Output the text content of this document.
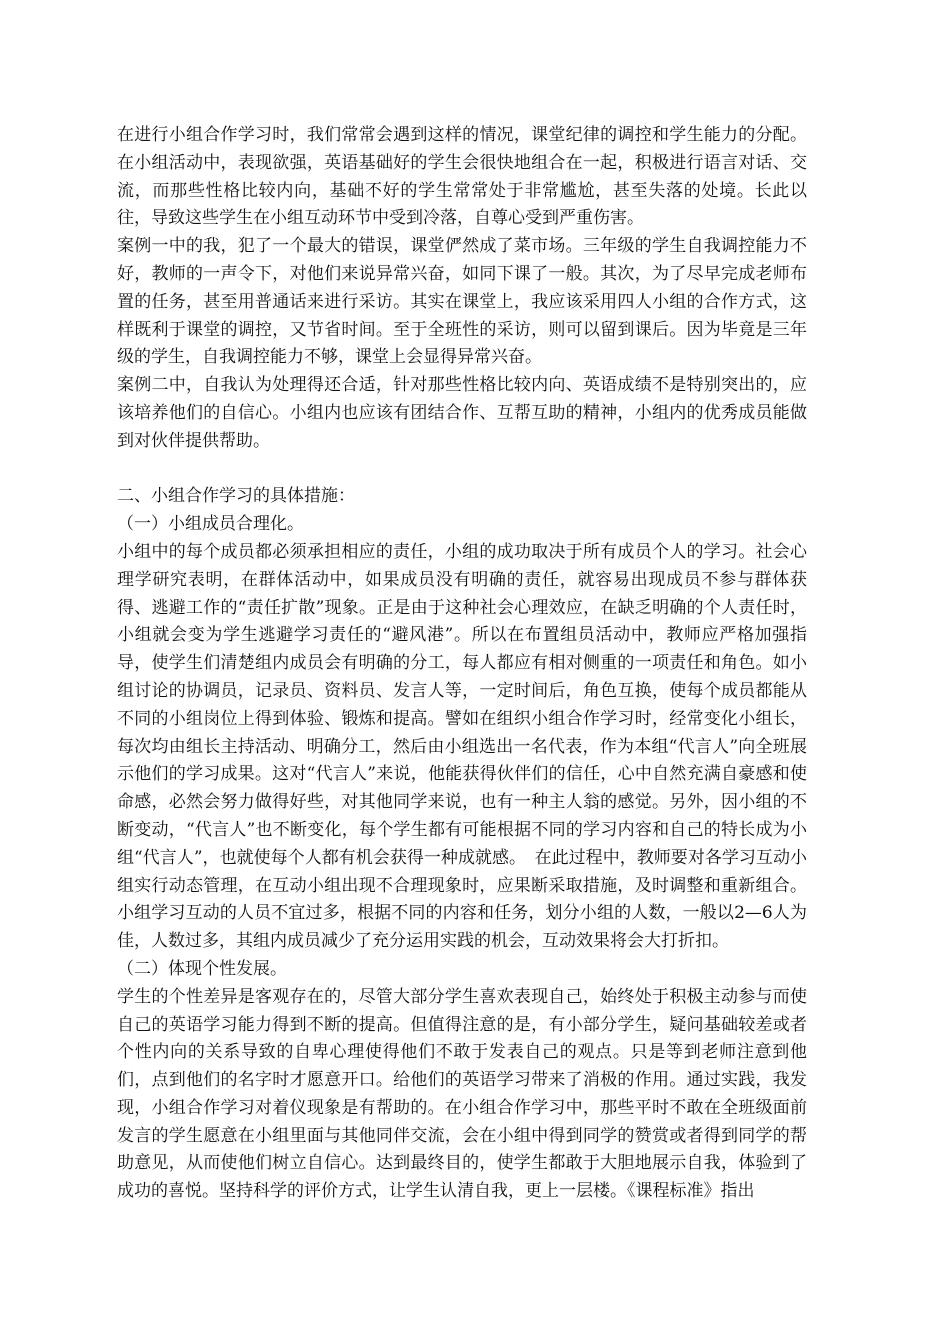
在进行小组合作学习时，我们常常会遇到这样的情况，课堂纪律的调控和学生能力的分配。在小组活动中，表现欲强，英语基础好的学生会很快地组合在一起，积极进行语言对话、交流，而那些性格比较内向，基础不好的学生常常处于非常尴尬，甚至失落的处境。长此以往，导致这些学生在小组互动环节中受到冷落，自尊心受到严重伤害。

案例一中的我，犯了一个最大的错误，课堂俨然成了菜市场。三年级的学生自我调控能力不好，教师的一声令下，对他们来说异常兴奋，如同下课了一般。其次，为了尽早完成老师布置的任务，甚至用普通话来进行采访。其实在课堂上，我应该采用四人小组的合作方式，这样既利于课堂的调控，又节省时间。至于全班性的采访，则可以留到课后。因为毕竟是三年级的学生，自我调控能力不够，课堂上会显得异常兴奋。

案例二中，自我认为处理得还合适，针对那些性格比较内向、英语成绩不是特别突出的，应该培养他们的自信心。小组内也应该有团结合作、互帮互助的精神，小组内的优秀成员能做到对伙伴提供帮助。

二、小组合作学习的具体措施：

（一）小组成员合理化。

小组中的每个成员都必须承担相应的责任，小组的成功取决于所有成员个人的学习。社会心理学研究表明，在群体活动中，如果成员没有明确的责任，就容易出现成员不参与群体获得、逃避工作的“责任扩散”现象。正是由于这种社会心理效应，在缺乏明确的个人责任时，小组就会变为学生逃避学习责任的“避风港”。所以在布置组员活动中，教师应严格加强指导，使学生们清楚组内成员会有明确的分工，每人都应有相对侧重的一项责任和角色。如小组讨论的协调员，记录员、资料员、发言人等，一定时间后，角色互换，使每个成员都能从不同的小组岗位上得到体验、锻炼和提高。譬如在组织小组合作学习时，经常变化小组长，每次均由组长主持活动、明确分工，然后由小组选出一名代表，作为本组“代言人”向全班展示他们的学习成果。这对“代言人”来说，他能获得伙伴们的信任，心中自然充满自豪感和使命感，必然会努力做得好些，对其他同学来说，也有一种主人翁的感觉。另外，因小组的不断变动，“代言人”也不断变化，每个学生都有可能根据不同的学习内容和自己的特长成为小组“代言人”，也就使每个人都有机会获得一种成就感。　在此过程中，教师要对各学习互动小组实行动态管理，在互动小组出现不合理现象时，应果断采取措施，及时调整和重新组合。小组学习互动的人员不宜过多，根据不同的内容和任务，划分小组的人数，一般以2—6人为佳，人数过多，其组内成员减少了充分运用实践的机会，互动效果将会大打折扣。

（二）体现个性发展。

学生的个性差异是客观存在的，尽管大部分学生喜欢表现自己，始终处于积极主动参与而使自己的英语学习能力得到不断的提高。但值得注意的是，有小部分学生，疑问基础较差或者个性内向的关系导致的自卑心理使得他们不敢于发表自己的观点。只是等到老师注意到他们，点到他们的名字时才愿意开口。给他们的英语学习带来了消极的作用。通过实践，我发现，小组合作学习对着仪现象是有帮助的。在小组合作学习中，那些平时不敢在全班级面前发言的学生愿意在小组里面与其他同伴交流，会在小组中得到同学的赞赏或者得到同学的帮助意见，从而使他们树立自信心。达到最终目的，使学生都敢于大胆地展示自我，体验到了成功的喜悦。坚持科学的评价方式，让学生认清自我，更上一层楼。《课程标准》指出
